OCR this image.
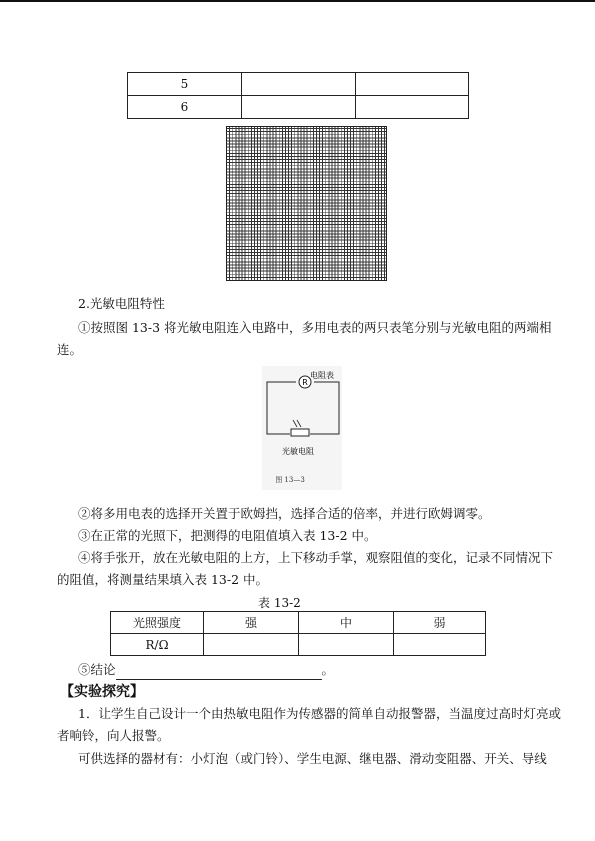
5		
6		
2.光敏电阻特性
①按照图 13-3 将光敏电阻连入电路中，多用电表的两只表笔分别与光敏电阻的两端相
连。
R
电阻表
光敏电阻
图 13—3
②将多用电表的选择开关置于欧姆挡，选择合适的倍率，并进行欧姆调零。
③在正常的光照下，把测得的电阻值填入表 13-2 中。
④将手张开，放在光敏电阻的上方，上下移动手掌，观察阻值的变化，记录不同情况下
的阻值，将测量结果填入表 13-2 中。
表 13-2
光照强度	强	中	弱
R/Ω			
⑤结论	。
【实验探究】
1．让学生自己设计一个由热敏电阻作为传感器的简单自动报警器，当温度过高时灯亮或
者响铃，向人报警。
可供选择的器材有：小灯泡（或门铃）、学生电源、继电器、滑动变阻器、开关、导线
